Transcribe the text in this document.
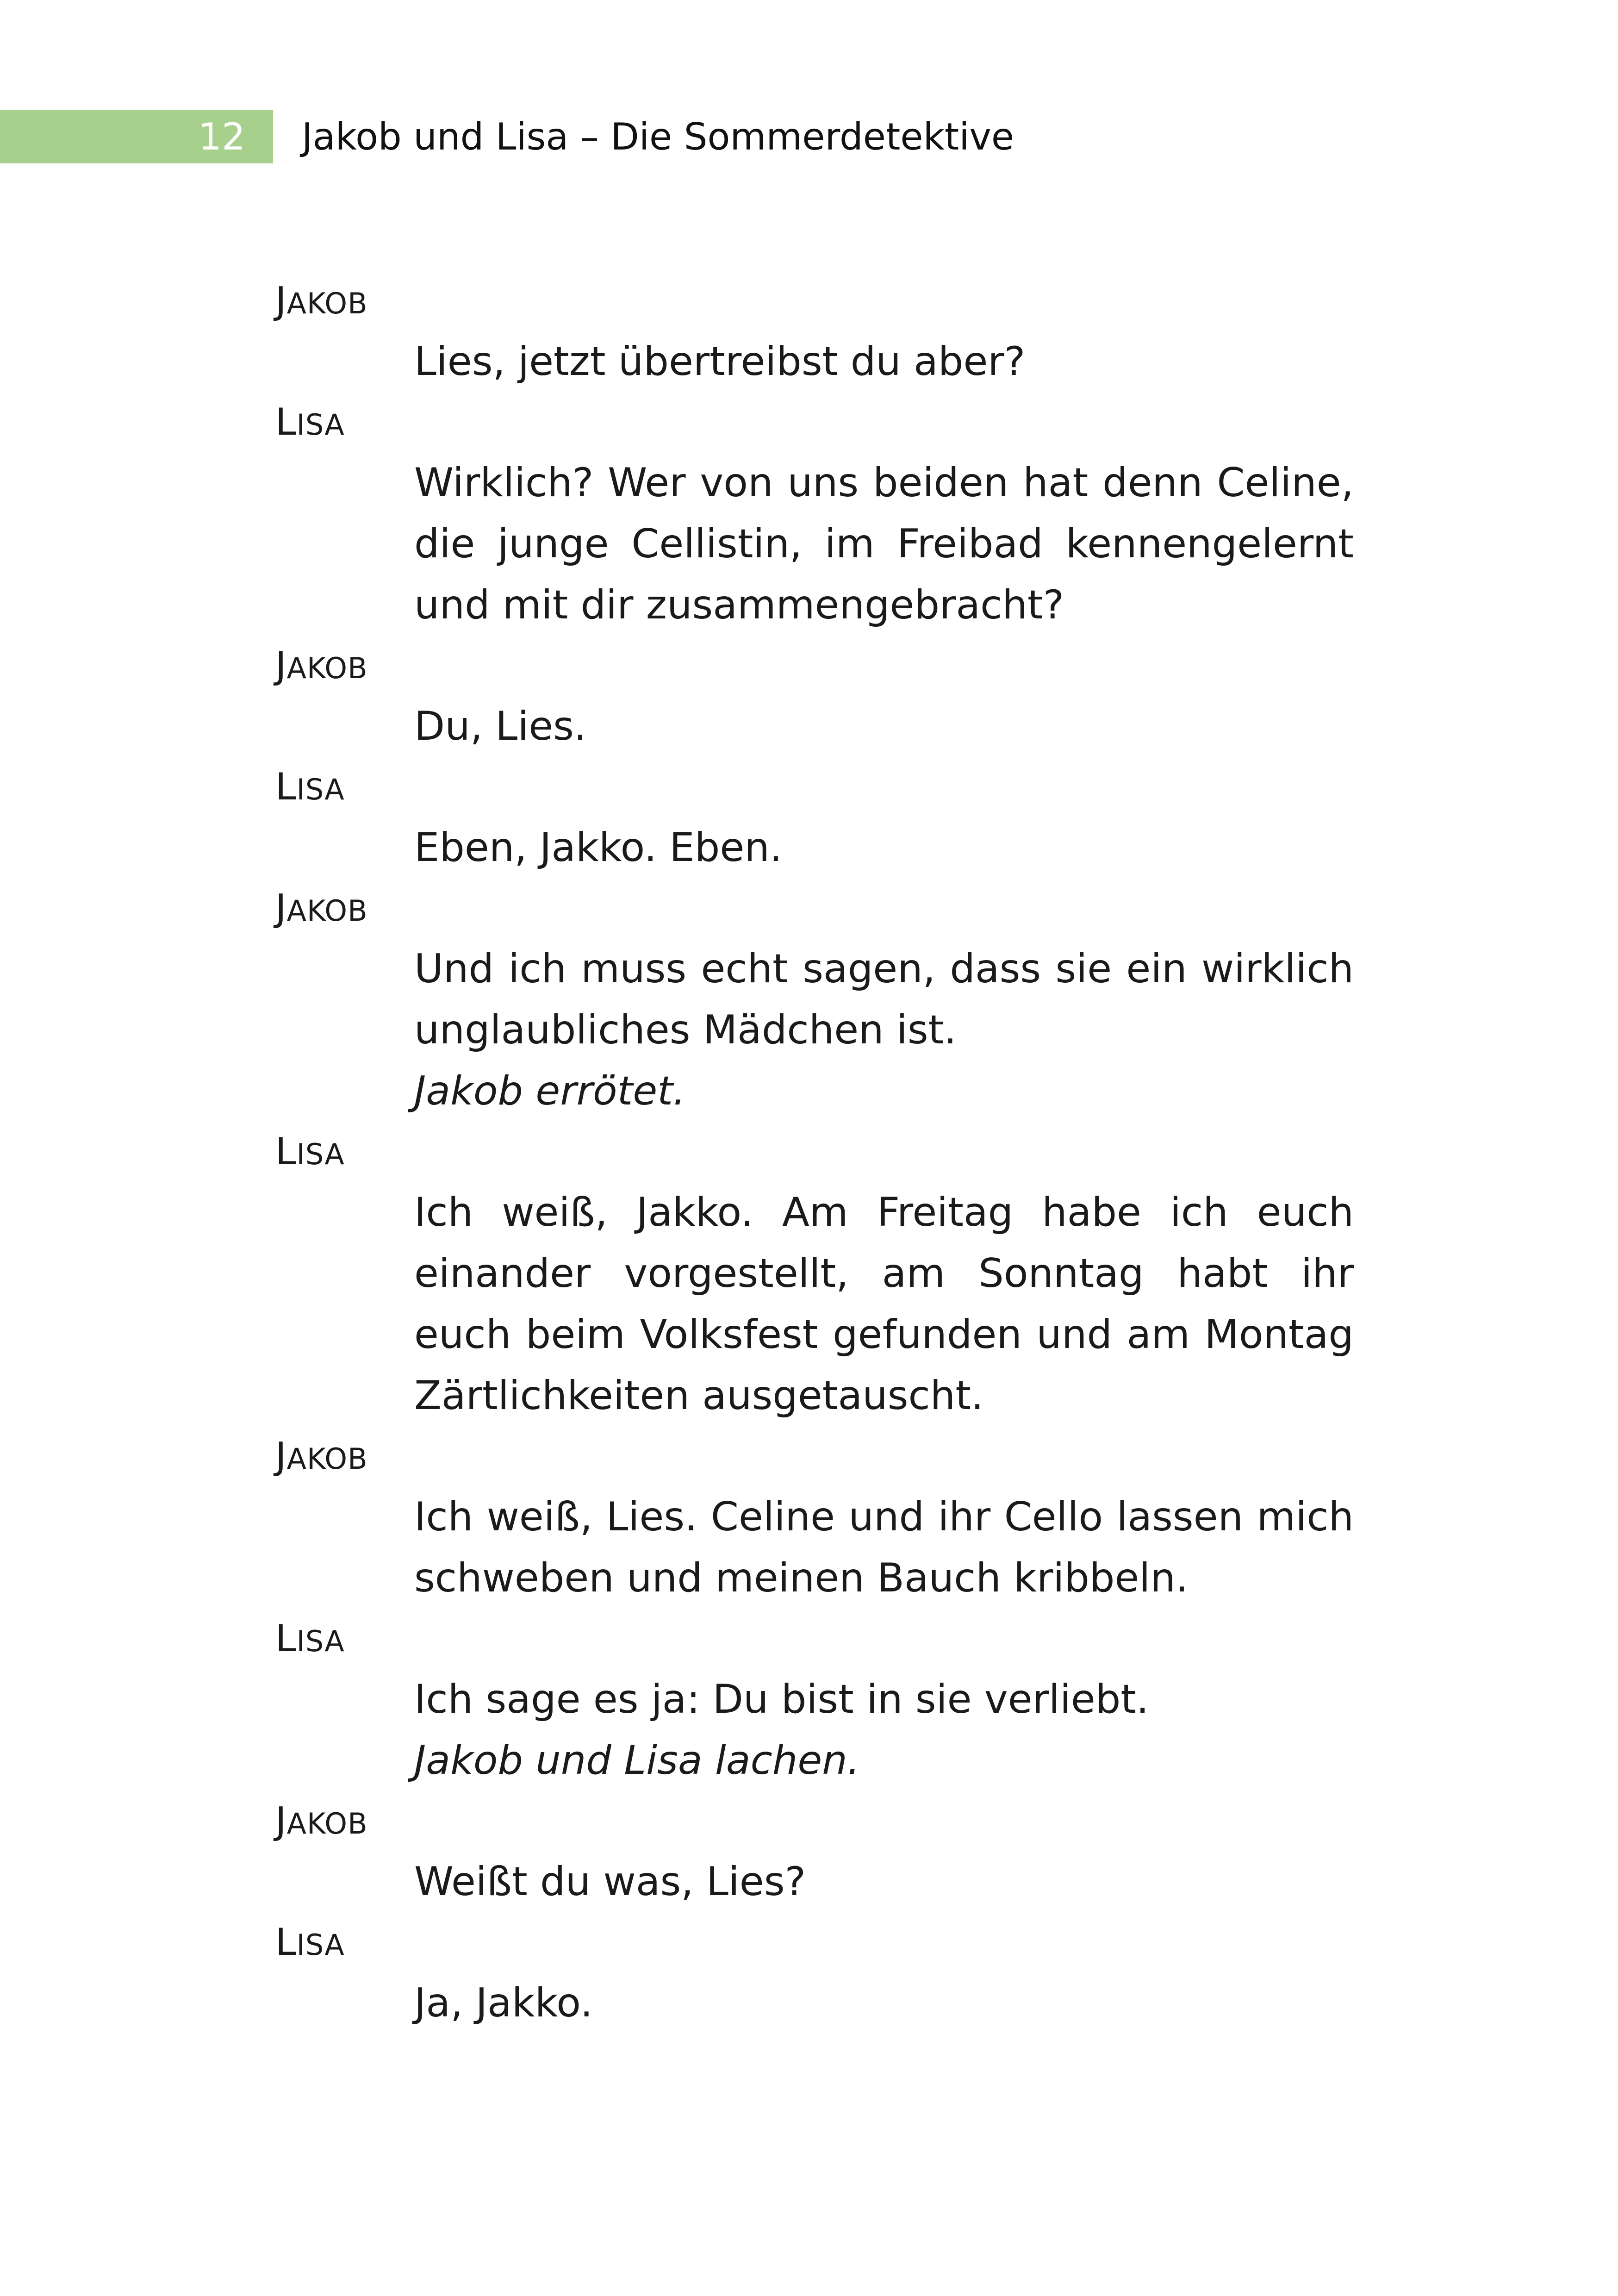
12 Jakob und Lisa – Die Sommerdetektive
JAKOB

Lies, jetzt übertreibst du aber?

LISA

Wirklich? Wer von uns beiden hat denn Celine, die junge Cellistin, im Freibad kennengelernt und mit dir zusammengebracht?

JAKOB

Du, Lies.

LISA

Eben, Jakko. Eben.

JAKOB

Und ich muss echt sagen, dass sie ein wirklich unglaubliches Mädchen ist.

Jakob errötet.

LISA

Ich weiß, Jakko. Am Freitag habe ich euch einander vorgestellt, am Sonntag habt ihr euch beim Volksfest gefunden und am Montag Zärtlichkeiten ausgetauscht.

JAKOB

Ich weiß, Lies. Celine und ihr Cello lassen mich schweben und meinen Bauch kribbeln.

LISA

Ich sage es ja: Du bist in sie verliebt.

Jakob und Lisa lachen.

JAKOB

Weißt du was, Lies?

LISA

Ja, Jakko.
